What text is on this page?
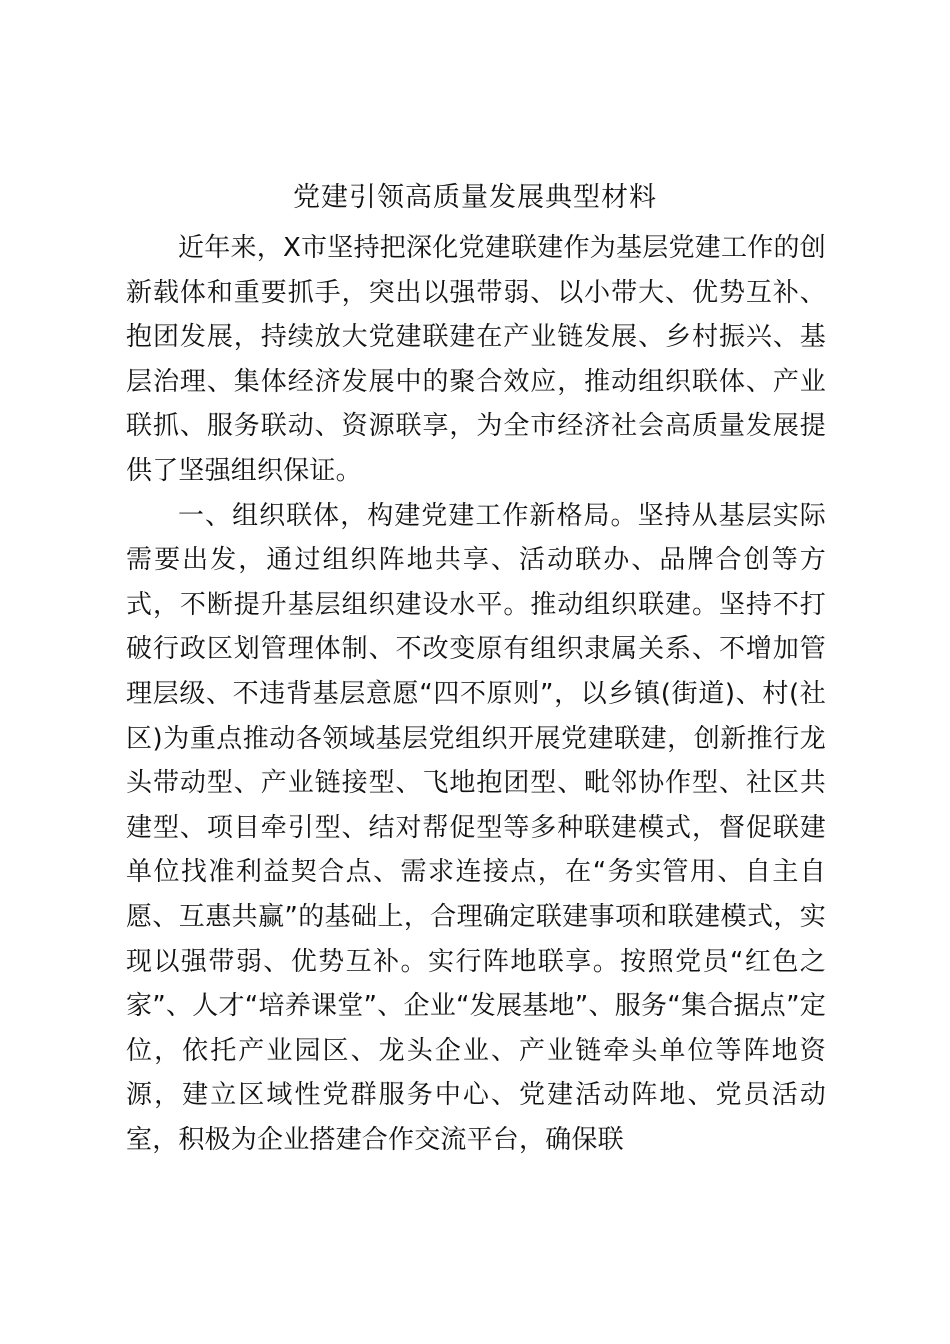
党建引领高质量发展典型材料

近年来，X市坚持把深化党建联建作为基层党建工作的创新载体和重要抓手，突出以强带弱、以小带大、优势互补、抱团发展，持续放大党建联建在产业链发展、乡村振兴、基层治理、集体经济发展中的聚合效应，推动组织联体、产业联抓、服务联动、资源联享，为全市经济社会高质量发展提供了坚强组织保证。

一、组织联体，构建党建工作新格局。坚持从基层实际需要出发，通过组织阵地共享、活动联办、品牌合创等方式，不断提升基层组织建设水平。推动组织联建。坚持不打破行政区划管理体制、不改变原有组织隶属关系、不增加管理层级、不违背基层意愿“四不原则”，以乡镇(街道)、村(社区)为重点推动各领域基层党组织开展党建联建，创新推行龙头带动型、产业链接型、飞地抱团型、毗邻协作型、社区共建型、项目牵引型、结对帮促型等多种联建模式，督促联建单位找准利益契合点、需求连接点，在“务实管用、自主自愿、互惠共赢”的基础上，合理确定联建事项和联建模式，实现以强带弱、优势互补。实行阵地联享。按照党员“红色之家”、人才“培养课堂”、企业“发展基地”、服务“集合据点”定位，依托产业园区、龙头企业、产业链牵头单位等阵地资源，建立区域性党群服务中心、党建活动阵地、党员活动室，积极为企业搭建合作交流平台，确保联
